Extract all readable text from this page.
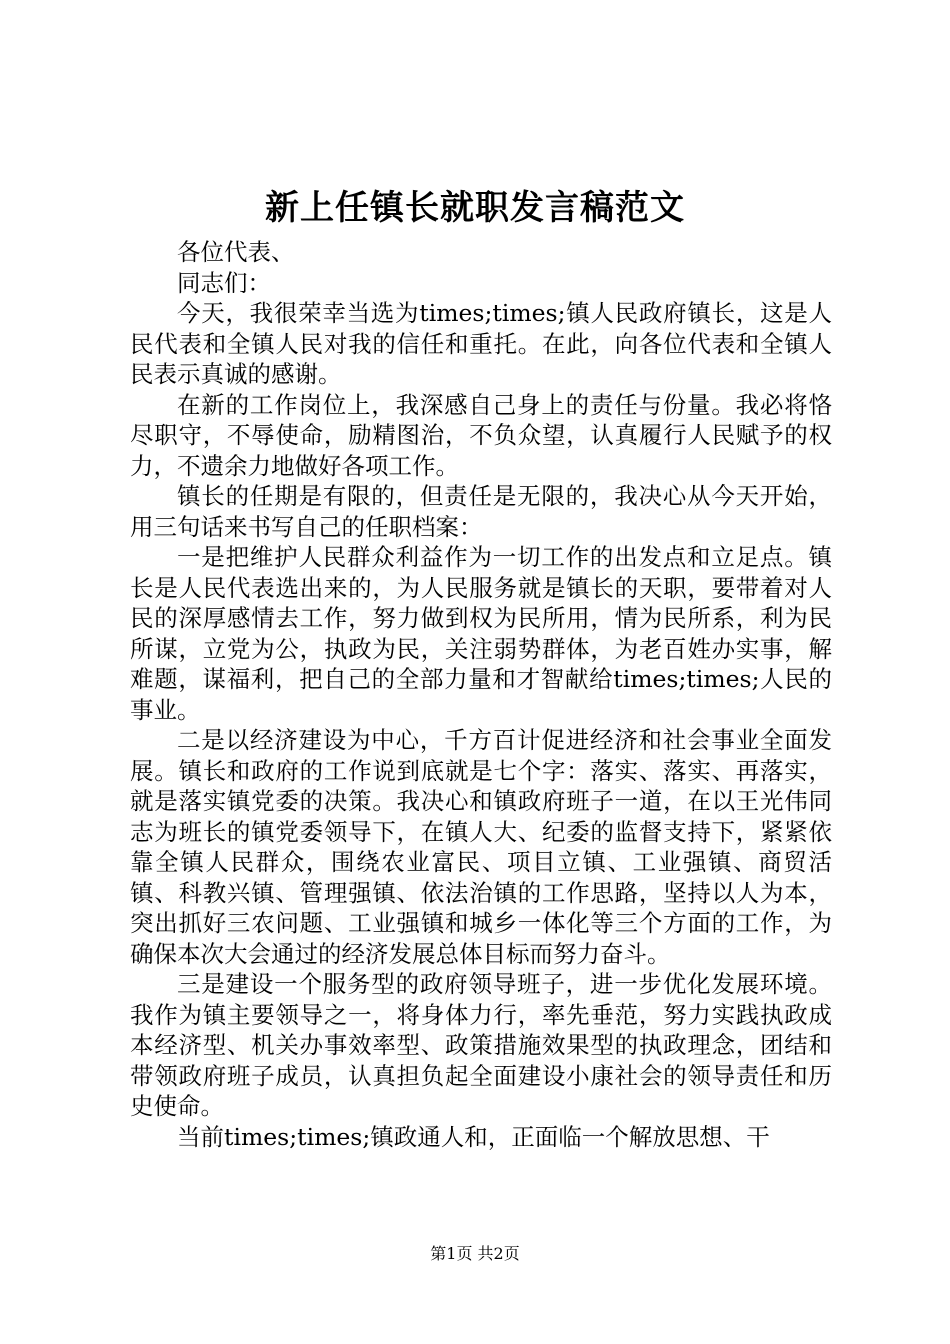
新上任镇长就职发言稿范文

各位代表、

同志们：

今天，我很荣幸当选为times;times;镇人民政府镇长，这是人民代表和全镇人民对我的信任和重托。在此，向各位代表和全镇人民表示真诚的感谢。

在新的工作岗位上，我深感自己身上的责任与份量。我必将恪尽职守，不辱使命，励精图治，不负众望，认真履行人民赋予的权力，不遗余力地做好各项工作。

镇长的任期是有限的，但责任是无限的，我决心从今天开始，用三句话来书写自己的任职档案：

一是把维护人民群众利益作为一切工作的出发点和立足点。镇长是人民代表选出来的，为人民服务就是镇长的天职，要带着对人民的深厚感情去工作，努力做到权为民所用，情为民所系，利为民所谋，立党为公，执政为民，关注弱势群体，为老百姓办实事，解难题，谋福利，把自己的全部力量和才智献给times;times;人民的事业。

二是以经济建设为中心，千方百计促进经济和社会事业全面发展。镇长和政府的工作说到底就是七个字：落实、落实、再落实，就是落实镇党委的决策。我决心和镇政府班子一道，在以王光伟同志为班长的镇党委领导下，在镇人大、纪委的监督支持下，紧紧依靠全镇人民群众，围绕农业富民、项目立镇、工业强镇、商贸活镇、科教兴镇、管理强镇、依法治镇的工作思路，坚持以人为本，突出抓好三农问题、工业强镇和城乡一体化等三个方面的工作，为确保本次大会通过的经济发展总体目标而努力奋斗。

三是建设一个服务型的政府领导班子，进一步优化发展环境。我作为镇主要领导之一，将身体力行，率先垂范，努力实践执政成本经济型、机关办事效率型、政策措施效果型的执政理念，团结和带领政府班子成员，认真担负起全面建设小康社会的领导责任和历史使命。

当前times;times;镇政通人和，正面临一个解放思想、干

第1页 共2页
